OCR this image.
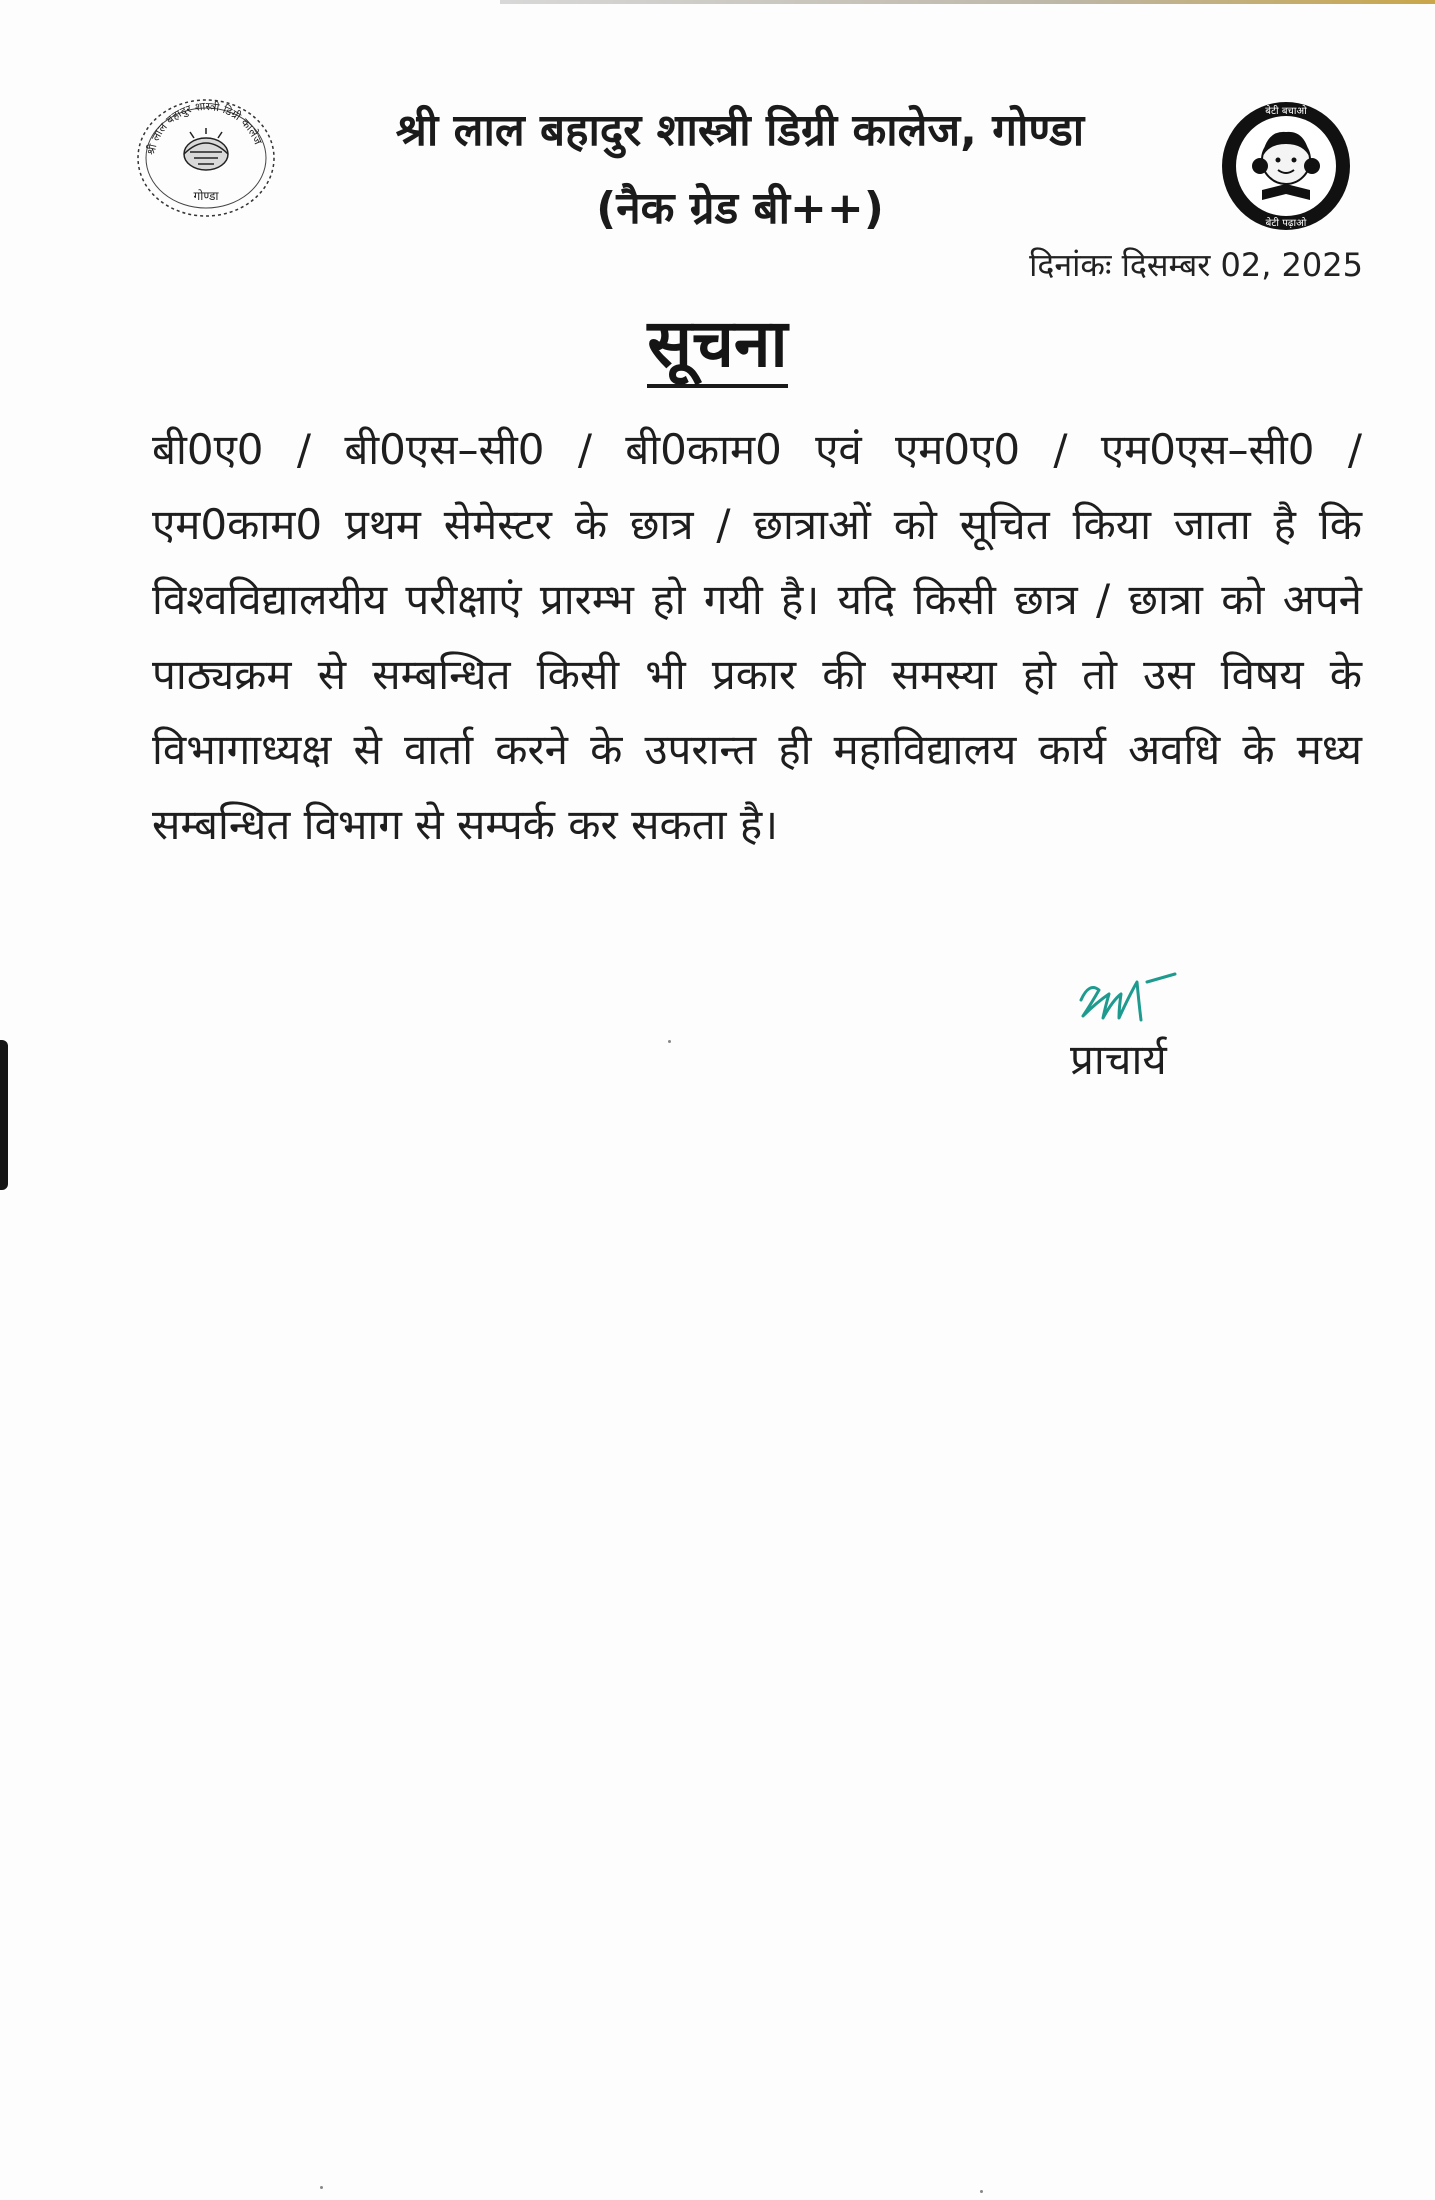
श्री लाल बहादुर शास्त्री डिग्री कालेज
गोण्डा
श्री लाल बहादुर शास्त्री डिग्री कालेज, गोण्डा
(नैक ग्रेड बी++)
बेटी बचाओ
बेटी पढ़ाओ
दिनांकः दिसम्बर 02, 2025
सूचना
बी0ए0 / बी0एस–सी0 / बी0काम0 एवं एम0ए0 / एम0एस–सी0 / एम0काम0 प्रथम सेमेस्टर के छात्र / छात्राओं को सूचित किया जाता है कि विश्वविद्यालयीय परीक्षाएं प्रारम्भ हो गयी है। यदि किसी छात्र / छात्रा को अपने पाठ्यक्रम से सम्बन्धित किसी भी प्रकार की समस्या हो तो उस विषय के विभागाध्यक्ष से वार्ता करने के उपरान्त ही महाविद्यालय कार्य अवधि के मध्य सम्बन्धित विभाग से सम्पर्क कर सकता है।
प्राचार्य
